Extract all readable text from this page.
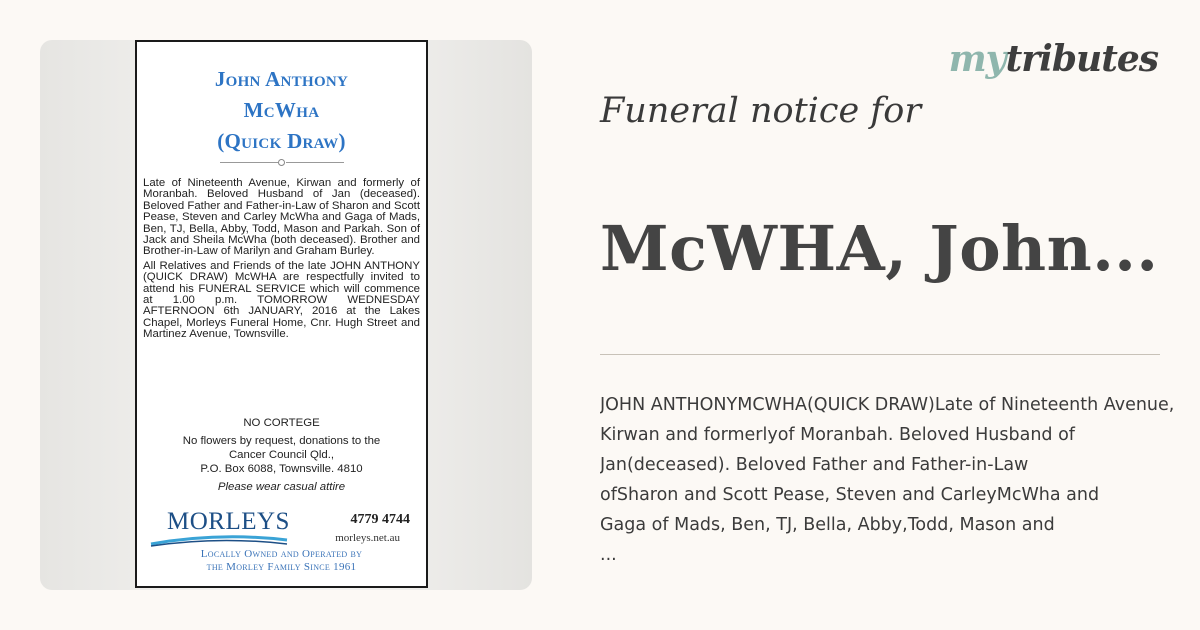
John Anthony
McWha
(Quick Draw)

Late of Nineteenth Avenue, Kirwan and formerly of Moranbah. Beloved Husband of Jan (deceased). Beloved Father and Father-in-Law of Sharon and Scott Pease, Steven and Carley McWha and Gaga of Mads, Ben, TJ, Bella, Abby, Todd, Mason and Parkah. Son of Jack and Sheila McWha (both deceased). Brother and Brother-in-Law of Marilyn and Graham Burley.

All Relatives and Friends of the late JOHN ANTHONY (QUICK DRAW) McWHA are respectfully invited to attend his FUNERAL SERVICE which will commence at 1.00 p.m. TOMORROW WEDNESDAY AFTERNOON 6th JANUARY, 2016 at the Lakes Chapel, Morleys Funeral Home, Cnr. Hugh Street and Martinez Avenue, Townsville.

NO CORTEGE
No flowers by request, donations to the
Cancer Council Qld.,
P.O. Box 6088, Townsville. 4810
Please wear casual attire
MORLEYS	4779 4744
morleys.net.au
Locally Owned and Operated by
the Morley Family Since 1961
mytributes
Funeral notice for
McWHA, John...
JOHN ANTHONYMCWHA(QUICK DRAW)Late of Nineteenth Avenue,
Kirwan and formerlyof Moranbah. Beloved Husband of
Jan(deceased). Beloved Father and Father-in-Law
ofSharon and Scott Pease, Steven and CarleyMcWha and
Gaga of Mads, Ben, TJ, Bella, Abby,Todd, Mason and
...
